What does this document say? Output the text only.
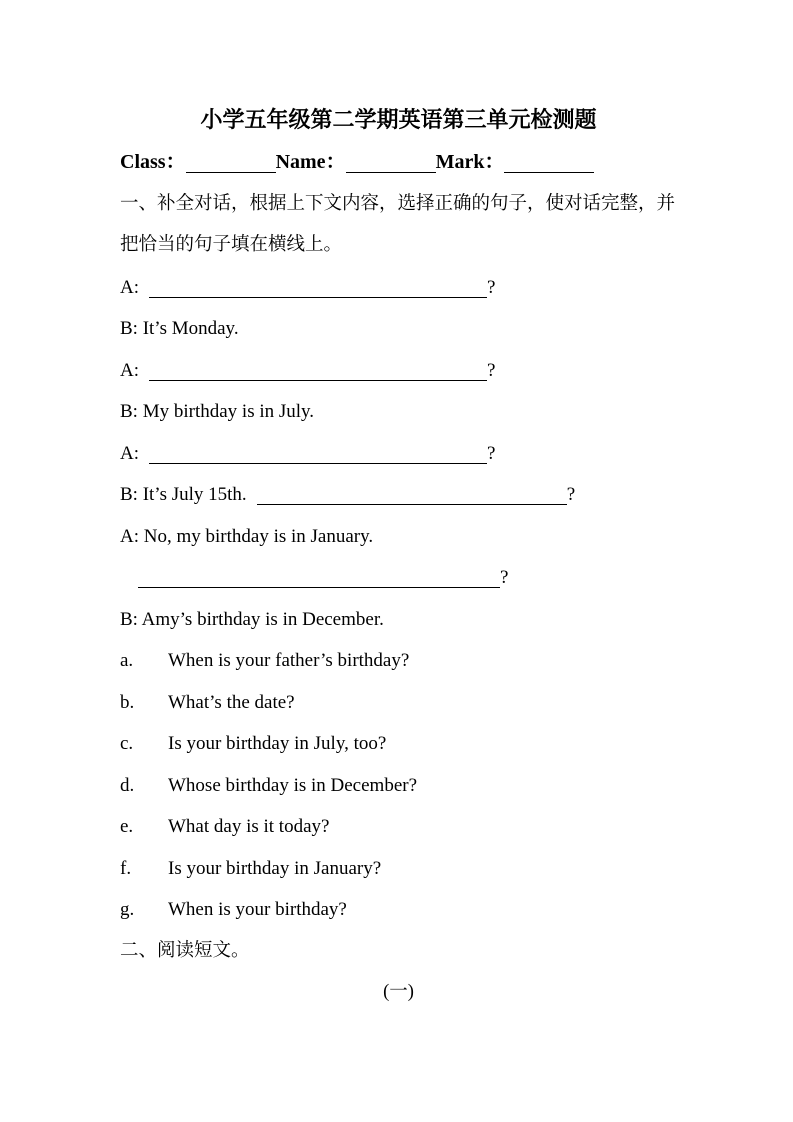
小学五年级第二学期英语第三单元检测题
Class：	Name：	Mark：
一、补全对话，根据上下文内容，选择正确的句子，使对话完整，并
把恰当的句子填在横线上。
A:	?
B: It’s Monday.
A:	?
B: My birthday is in July.
A:	?
B: It’s July 15th.	?
A: No, my birthday is in January.
?
B: Amy’s birthday is in December.
a. When is your father’s birthday?
b. What’s the date?
c. Is your birthday in July, too?
d. Whose birthday is in December?
e. What day is it today?
f. Is your birthday in January?
g. When is your birthday?
二、阅读短文。
(一)
